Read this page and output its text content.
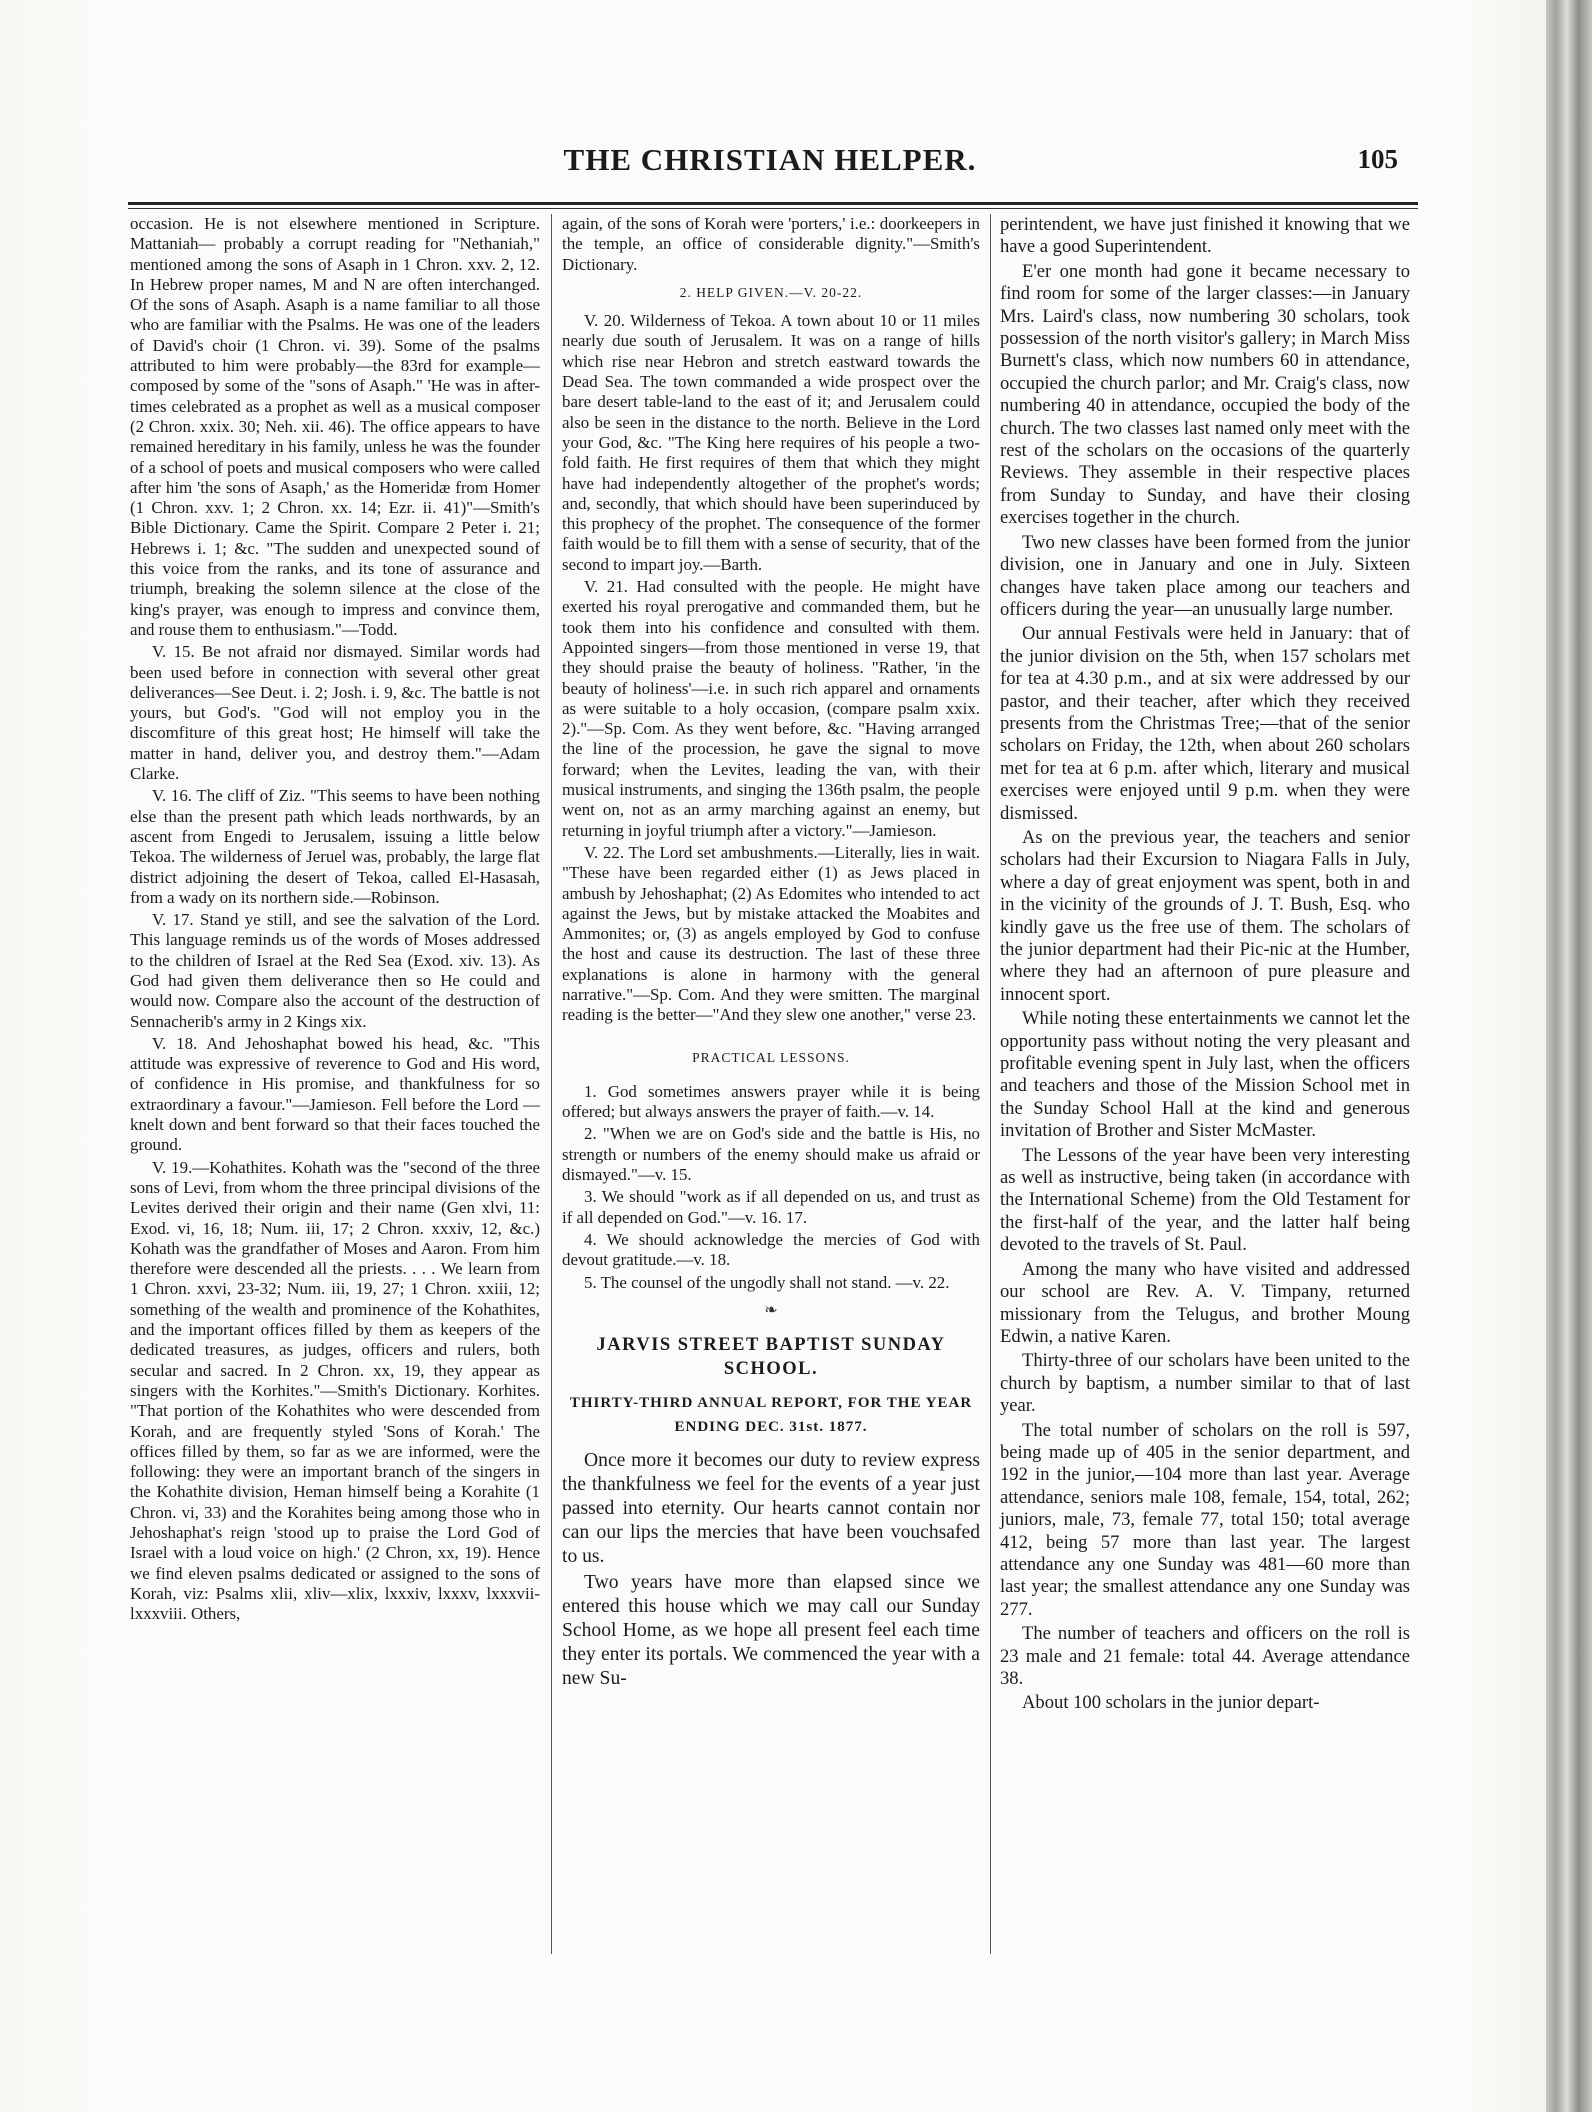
THE CHRISTIAN HELPER.	105

occasion. He is not elsewhere mentioned in Scripture. Mattaniah— probably a corrupt reading for "Nethaniah," mentioned among the sons of Asaph in 1 Chron. xxv. 2, 12. In Hebrew proper names, M and N are often interchanged. Of the sons of Asaph. Asaph is a name familiar to all those who are familiar with the Psalms. He was one of the leaders of David's choir (1 Chron. vi. 39). Some of the psalms attributed to him were probably—the 83rd for example—composed by some of the "sons of Asaph." 'He was in after-times celebrated as a prophet as well as a musical composer (2 Chron. xxix. 30; Neh. xii. 46). The office appears to have remained hereditary in his family, unless he was the founder of a school of poets and musical composers who were called after him 'the sons of Asaph,' as the Homeridæ from Homer (1 Chron. xxv. 1; 2 Chron. xx. 14; Ezr. ii. 41)"—Smith's Bible Dictionary. Came the Spirit. Compare 2 Peter i. 21; Hebrews i. 1; &c. "The sudden and unexpected sound of this voice from the ranks, and its tone of assurance and triumph, breaking the solemn silence at the close of the king's prayer, was enough to impress and convince them, and rouse them to enthusiasm."—Todd.

V. 15. Be not afraid nor dismayed. Similar words had been used before in connection with several other great deliverances—See Deut. i. 2; Josh. i. 9, &c. The battle is not yours, but God's. "God will not employ you in the discomfiture of this great host; He himself will take the matter in hand, deliver you, and destroy them."—Adam Clarke.

V. 16. The cliff of Ziz. "This seems to have been nothing else than the present path which leads northwards, by an ascent from Engedi to Jerusalem, issuing a little below Tekoa. The wilderness of Jeruel was, probably, the large flat district adjoining the desert of Tekoa, called El-Hasasah, from a wady on its northern side.—Robinson.

V. 17. Stand ye still, and see the salvation of the Lord. This language reminds us of the words of Moses addressed to the children of Israel at the Red Sea (Exod. xiv. 13). As God had given them deliverance then so He could and would now. Compare also the account of the destruction of Sennacherib's army in 2 Kings xix.

V. 18. And Jehoshaphat bowed his head, &c. "This attitude was expressive of reverence to God and His word, of confidence in His promise, and thankfulness for so extraordinary a favour."—Jamieson. Fell before the Lord —knelt down and bent forward so that their faces touched the ground.

V. 19.—Kohathites. Kohath was the "second of the three sons of Levi, from whom the three principal divisions of the Levites derived their origin and their name (Gen xlvi, 11: Exod. vi, 16, 18; Num. iii, 17; 2 Chron. xxxiv, 12, &c.) Kohath was the grandfather of Moses and Aaron. From him therefore were descended all the priests. . . . We learn from 1 Chron. xxvi, 23-32; Num. iii, 19, 27; 1 Chron. xxiii, 12; something of the wealth and prominence of the Kohathites, and the important offices filled by them as keepers of the dedicated treasures, as judges, officers and rulers, both secular and sacred. In 2 Chron. xx, 19, they appear as singers with the Korhites."—Smith's Dictionary. Korhites. "That portion of the Kohathites who were descended from Korah, and are frequently styled 'Sons of Korah.' The offices filled by them, so far as we are informed, were the following: they were an important branch of the singers in the Kohathite division, Heman himself being a Korahite (1 Chron. vi, 33) and the Korahites being among those who in Jehoshaphat's reign 'stood up to praise the Lord God of Israel with a loud voice on high.' (2 Chron, xx, 19). Hence we find eleven psalms dedicated or assigned to the sons of Korah, viz: Psalms xlii, xliv—xlix, lxxxiv, lxxxv, lxxxvii-lxxxviii. Others,

again, of the sons of Korah were 'porters,' i.e.: doorkeepers in the temple, an office of considerable dignity."—Smith's Dictionary.

2. HELP GIVEN.—V. 20-22.

V. 20. Wilderness of Tekoa. A town about 10 or 11 miles nearly due south of Jerusalem. It was on a range of hills which rise near Hebron and stretch eastward towards the Dead Sea. The town commanded a wide prospect over the bare desert table-land to the east of it; and Jerusalem could also be seen in the distance to the north. Believe in the Lord your God, &c. "The King here requires of his people a two-fold faith. He first requires of them that which they might have had independently altogether of the prophet's words; and, secondly, that which should have been superinduced by this prophecy of the prophet. The consequence of the former faith would be to fill them with a sense of security, that of the second to impart joy.—Barth.

V. 21. Had consulted with the people. He might have exerted his royal prerogative and commanded them, but he took them into his confidence and consulted with them. Appointed singers—from those mentioned in verse 19, that they should praise the beauty of holiness. "Rather, 'in the beauty of holiness'—i.e. in such rich apparel and ornaments as were suitable to a holy occasion, (compare psalm xxix. 2)."—Sp. Com. As they went before, &c. "Having arranged the line of the procession, he gave the signal to move forward; when the Levites, leading the van, with their musical instruments, and singing the 136th psalm, the people went on, not as an army marching against an enemy, but returning in joyful triumph after a victory."—Jamieson.

V. 22. The Lord set ambushments.—Literally, lies in wait. "These have been regarded either (1) as Jews placed in ambush by Jehoshaphat; (2) As Edomites who intended to act against the Jews, but by mistake attacked the Moabites and Ammonites; or, (3) as angels employed by God to confuse the host and cause its destruction. The last of these three explanations is alone in harmony with the general narrative."—Sp. Com. And they were smitten. The marginal reading is the better—"And they slew one another," verse 23.

PRACTICAL LESSONS.

1. God sometimes answers prayer while it is being offered; but always answers the prayer of faith.—v. 14.

2. "When we are on God's side and the battle is His, no strength or numbers of the enemy should make us afraid or dismayed."—v. 15.

3. We should "work as if all depended on us, and trust as if all depended on God."—v. 16. 17.

4. We should acknowledge the mercies of God with devout gratitude.—v. 18.

5. The counsel of the ungodly shall not stand. —v. 22.

❧
JARVIS STREET BAPTIST SUNDAY SCHOOL.
THIRTY-THIRD ANNUAL REPORT, FOR THE YEAR ENDING DEC. 31st. 1877.

Once more it becomes our duty to review express the thankfulness we feel for the events of a year just passed into eternity. Our hearts cannot contain nor can our lips the mercies that have been vouchsafed to us.

Two years have more than elapsed since we entered this house which we may call our Sunday School Home, as we hope all present feel each time they enter its portals. We commenced the year with a new Su-

perintendent, we have just finished it knowing that we have a good Superintendent.

E'er one month had gone it became necessary to find room for some of the larger classes:—in January Mrs. Laird's class, now numbering 30 scholars, took possession of the north visitor's gallery; in March Miss Burnett's class, which now numbers 60 in attendance, occupied the church parlor; and Mr. Craig's class, now numbering 40 in attendance, occupied the body of the church. The two classes last named only meet with the rest of the scholars on the occasions of the quarterly Reviews. They assemble in their respective places from Sunday to Sunday, and have their closing exercises together in the church.

Two new classes have been formed from the junior division, one in January and one in July. Sixteen changes have taken place among our teachers and officers during the year—an unusually large number.

Our annual Festivals were held in January: that of the junior division on the 5th, when 157 scholars met for tea at 4.30 p.m., and at six were addressed by our pastor, and their teacher, after which they received presents from the Christmas Tree;—that of the senior scholars on Friday, the 12th, when about 260 scholars met for tea at 6 p.m. after which, literary and musical exercises were enjoyed until 9 p.m. when they were dismissed.

As on the previous year, the teachers and senior scholars had their Excursion to Niagara Falls in July, where a day of great enjoyment was spent, both in and in the vicinity of the grounds of J. T. Bush, Esq. who kindly gave us the free use of them. The scholars of the junior department had their Pic-nic at the Humber, where they had an afternoon of pure pleasure and innocent sport.

While noting these entertainments we cannot let the opportunity pass without noting the very pleasant and profitable evening spent in July last, when the officers and teachers and those of the Mission School met in the Sunday School Hall at the kind and generous invitation of Brother and Sister McMaster.

The Lessons of the year have been very interesting as well as instructive, being taken (in accordance with the International Scheme) from the Old Testament for the first-half of the year, and the latter half being devoted to the travels of St. Paul.

Among the many who have visited and addressed our school are Rev. A. V. Timpany, returned missionary from the Telugus, and brother Moung Edwin, a native Karen.

Thirty-three of our scholars have been united to the church by baptism, a number similar to that of last year.

The total number of scholars on the roll is 597, being made up of 405 in the senior department, and 192 in the junior,—104 more than last year. Average attendance, seniors male 108, female, 154, total, 262; juniors, male, 73, female 77, total 150; total average 412, being 57 more than last year. The largest attendance any one Sunday was 481—60 more than last year; the smallest attendance any one Sunday was 277.

The number of teachers and officers on the roll is 23 male and 21 female: total 44. Average attendance 38.

About 100 scholars in the junior depart-
